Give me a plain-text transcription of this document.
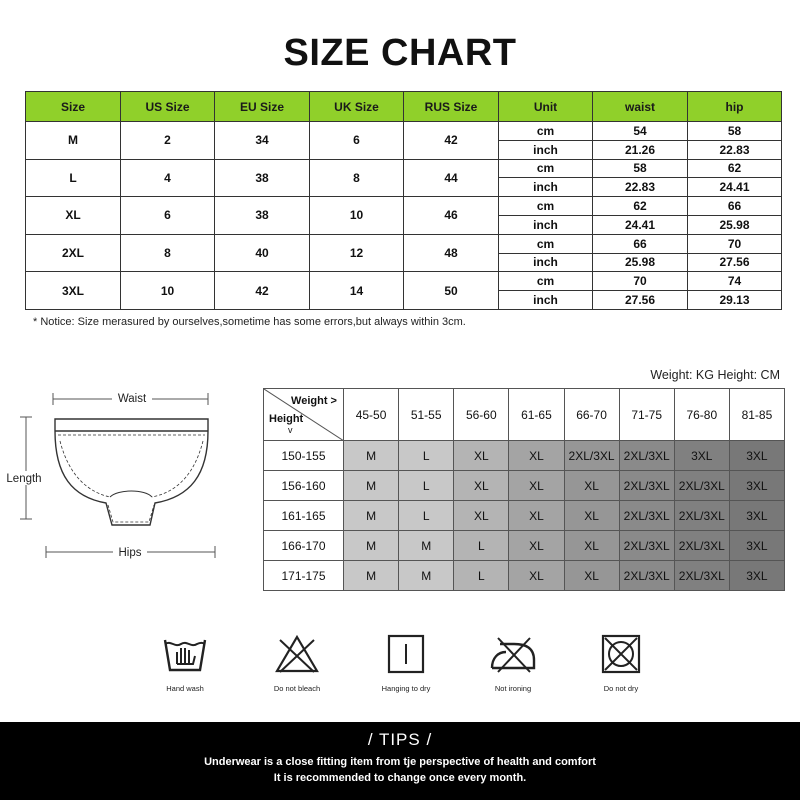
SIZE CHART
Size	US Size	EU Size	UK Size	RUS Size	Unit	waist	hip
M	2	34	6	42	cm	54	58
					inch	21.26	22.83
L	4	38	8	44	cm	58	62
					inch	22.83	24.41
XL	6	38	10	46	cm	62	66
					inch	24.41	25.98
2XL	8	40	12	48	cm	66	70
					inch	25.98	27.56
3XL	10	42	14	50	cm	70	74
					inch	27.56	29.13
* Notice: Size merasured by ourselves,sometime has some errors,but always within 3cm.
Weight: KG Height: CM
Waist
Length
Hips
Weight >
Height
v	45-50	51-55	56-60	61-65	66-70	71-75	76-80	81-85
150-155	M	L	XL	XL	2XL/3XL	2XL/3XL	3XL	3XL
156-160	M	L	XL	XL	XL	2XL/3XL	2XL/3XL	3XL
161-165	M	L	XL	XL	XL	2XL/3XL	2XL/3XL	3XL
166-170	M	M	L	XL	XL	2XL/3XL	2XL/3XL	3XL
171-175	M	M	L	XL	XL	2XL/3XL	2XL/3XL	3XL
Hand wash	Do not bleach	Hanging to dry	Not ironing	Do not dry
/ TIPS /
Underwear is a close fitting item from tje perspective of health and comfort
It is recommended to change once every month.
